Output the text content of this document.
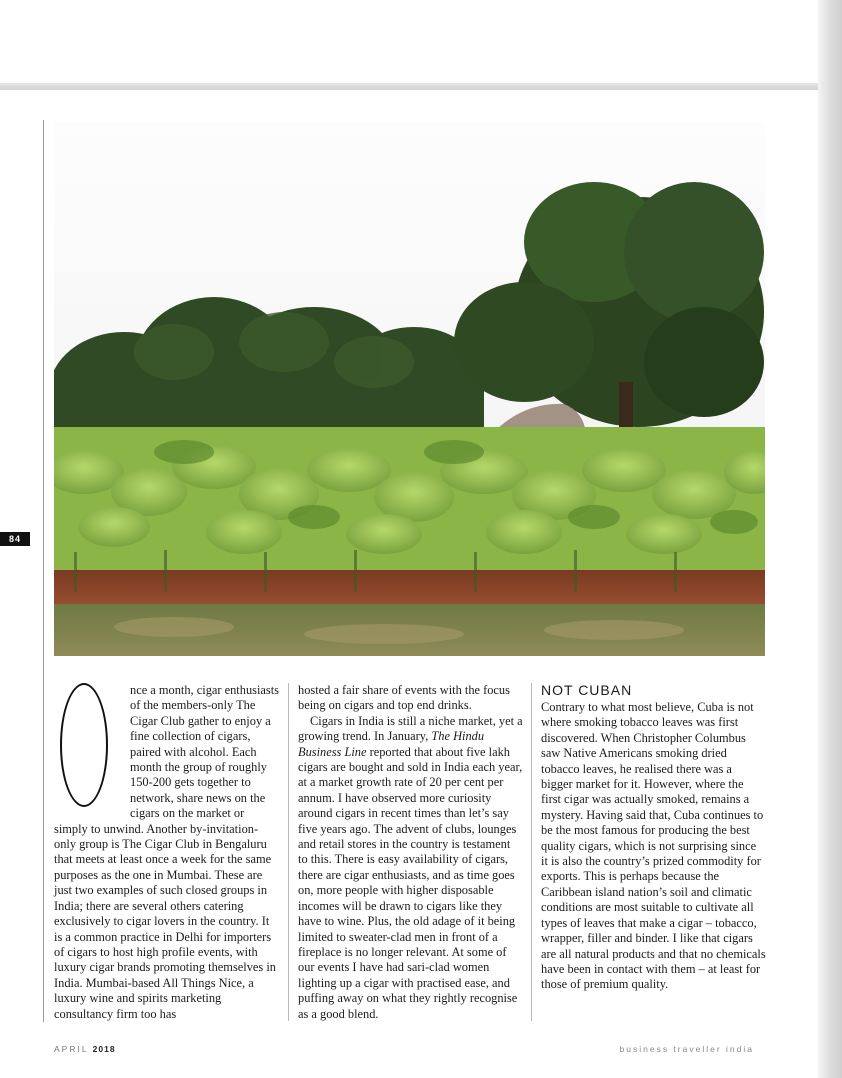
84

nce a month, cigar enthusiasts of the members-only The Cigar Club gather to enjoy a fine collection of cigars, paired with alcohol. Each month the group of roughly 150-200 gets together to network, share news on the cigars on the market or simply to unwind. Another by-invitation-only group is The Cigar Club in Bengaluru that meets at least once a week for the same purposes as the one in Mumbai. These are just two examples of such closed groups in India; there are several others catering exclusively to cigar lovers in the country. It is a common practice in Delhi for importers of cigars to host high profile events, with luxury cigar brands promoting themselves in India. Mumbai-based All Things Nice, a luxury wine and spirits marketing consultancy firm too has

hosted a fair share of events with the focus being on cigars and top end drinks.

Cigars in India is still a niche market, yet a growing trend. In January, The Hindu Business Line reported that about five lakh cigars are bought and sold in India each year, at a market growth rate of 20 per cent per annum. I have observed more curiosity around cigars in recent times than let’s say five years ago. The advent of clubs, lounges and retail stores in the country is testament to this. There is easy availability of cigars, there are cigar enthusiasts, and as time goes on, more people with higher disposable incomes will be drawn to cigars like they have to wine. Plus, the old adage of it being limited to sweater-clad men in front of a fireplace is no longer relevant. At some of our events I have had sari-clad women lighting up a cigar with practised ease, and puffing away on what they rightly recognise as a good blend.

NOT CUBAN

Contrary to what most believe, Cuba is not where smoking tobacco leaves was first discovered. When Christopher Columbus saw Native Americans smoking dried tobacco leaves, he realised there was a bigger market for it. However, where the first cigar was actually smoked, remains a mystery. Having said that, Cuba continues to be the most famous for producing the best quality cigars, which is not surprising since it is also the country’s prized commodity for exports. This is perhaps because the Caribbean island nation’s soil and climatic conditions are most suitable to cultivate all types of leaves that make a cigar – tobacco, wrapper, filler and binder. I like that cigars are all natural products and that no chemicals have been in contact with them – at least for those of premium quality.

APRIL 2018	business traveller india
